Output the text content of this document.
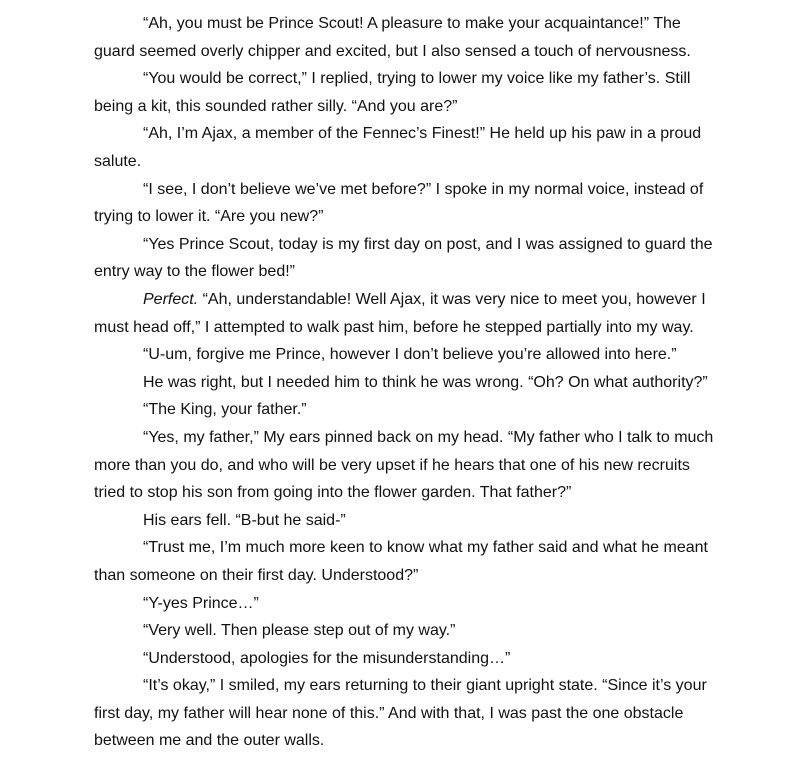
“Ah, you must be Prince Scout! A pleasure to make your acquaintance!” The
guard seemed overly chipper and excited, but I also sensed a touch of nervousness.
“You would be correct,” I replied, trying to lower my voice like my father’s. Still
being a kit, this sounded rather silly. “And you are?”
“Ah, I’m Ajax, a member of the Fennec’s Finest!” He held up his paw in a proud
salute.
“I see, I don’t believe we’ve met before?” I spoke in my normal voice, instead of
trying to lower it. “Are you new?”
“Yes Prince Scout, today is my first day on post, and I was assigned to guard the
entry way to the flower bed!”
Perfect. “Ah, understandable! Well Ajax, it was very nice to meet you, however I
must head off,” I attempted to walk past him, before he stepped partially into my way.
“U-um, forgive me Prince, however I don’t believe you’re allowed into here.”
He was right, but I needed him to think he was wrong. “Oh? On what authority?”
“The King, your father.”
“Yes, my father,” My ears pinned back on my head. “My father who I talk to much
more than you do, and who will be very upset if he hears that one of his new recruits
tried to stop his son from going into the flower garden. That father?”
His ears fell. “B-but he said-”
“Trust me, I’m much more keen to know what my father said and what he meant
than someone on their first day. Understood?”
“Y-yes Prince…”
“Very well. Then please step out of my way.”
“Understood, apologies for the misunderstanding…”
“It’s okay,” I smiled, my ears returning to their giant upright state. “Since it’s your
first day, my father will hear none of this.” And with that, I was past the one obstacle
between me and the outer walls.
